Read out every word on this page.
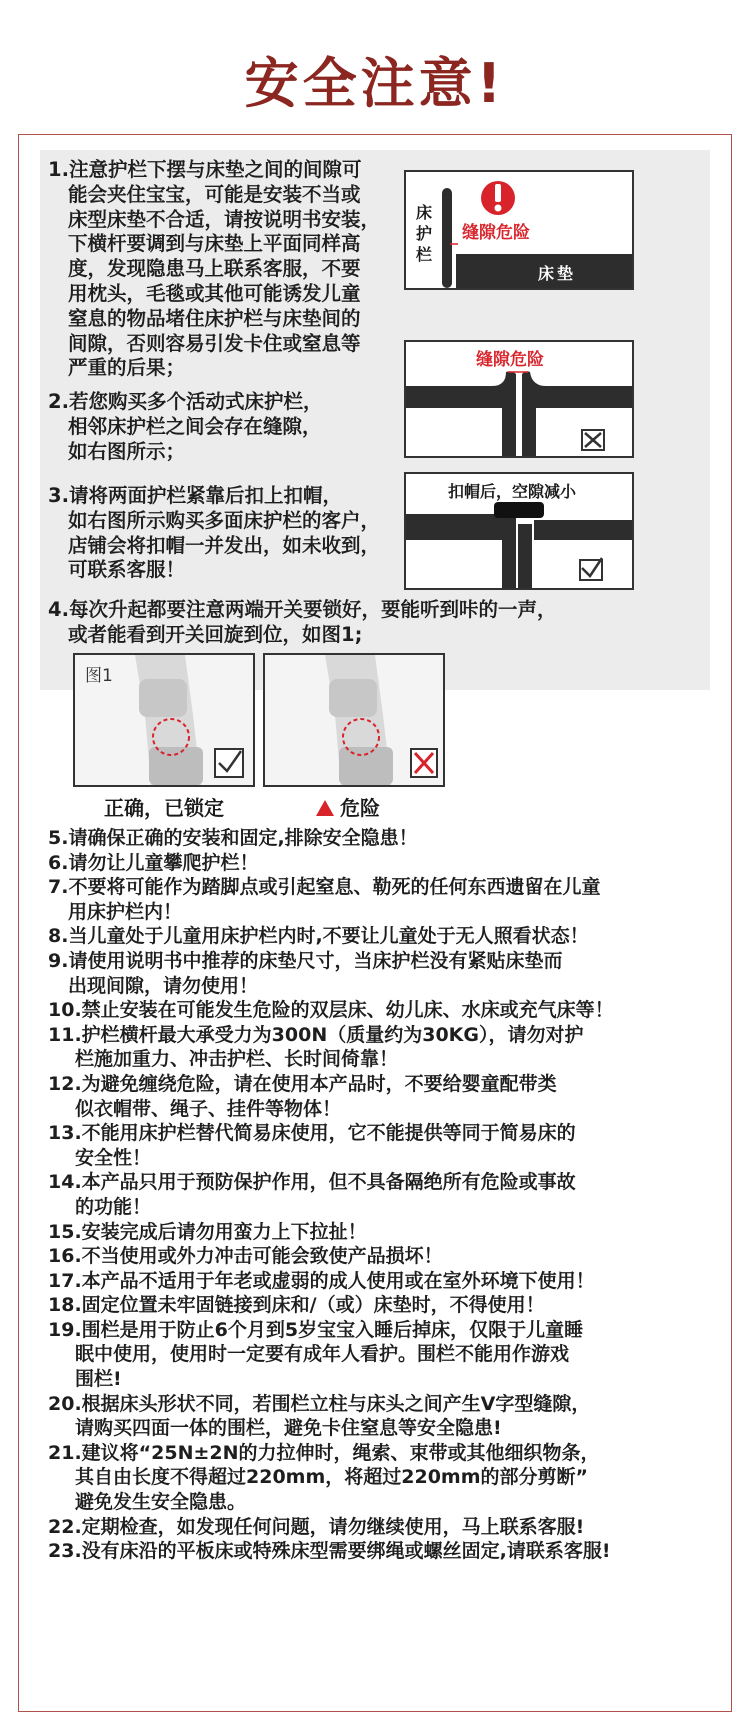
安全注意!
1.注意护栏下摆与床垫之间的间隙可
能会夹住宝宝，可能是安装不当或
床型床垫不合适，请按说明书安装，
下横杆要调到与床垫上平面同样高
度，发现隐患马上联系客服，不要
用枕头，毛毯或其他可能诱发儿童
窒息的物品堵住床护栏与床垫间的
间隙，否则容易引发卡住或窒息等
严重的后果；
2.若您购买多个活动式床护栏，
相邻床护栏之间会存在缝隙，
如右图所示；
3.请将两面护栏紧靠后扣上扣帽，
如右图所示购买多面床护栏的客户，
店铺会将扣帽一并发出，如未收到，
可联系客服！
4.每次升起都要注意两端开关要锁好，要能听到咔的一声，
或者能看到开关回旋到位，如图1;
床护栏
缝隙危险
床垫
缝隙危险
扣帽后，空隙减小
图1
正确，已锁定	危险
5.请确保正确的安装和固定,排除安全隐患！
6.请勿让儿童攀爬护栏！
7.不要将可能作为踏脚点或引起窒息、勒死的任何东西遗留在儿童
用床护栏内！
8.当儿童处于儿童用床护栏内时,不要让儿童处于无人照看状态！
9.请使用说明书中推荐的床垫尺寸，当床护栏没有紧贴床垫而
出现间隙，请勿使用！
10.禁止安装在可能发生危险的双层床、幼儿床、水床或充气床等！
11.护栏横杆最大承受力为300N（质量约为30KG），请勿对护
栏施加重力、冲击护栏、长时间倚靠！
12.为避免缠绕危险，请在使用本产品时，不要给婴童配带类
似衣帽带、绳子、挂件等物体！
13.不能用床护栏替代简易床使用，它不能提供等同于简易床的
安全性！
14.本产品只用于预防保护作用，但不具备隔绝所有危险或事故
的功能！
15.安装完成后请勿用蛮力上下拉扯！
16.不当使用或外力冲击可能会致使产品损坏！
17.本产品不适用于年老或虚弱的成人使用或在室外环境下使用！
18.固定位置未牢固链接到床和/（或）床垫时，不得使用！
19.围栏是用于防止6个月到5岁宝宝入睡后掉床，仅限于儿童睡
眠中使用，使用时一定要有成年人看护。围栏不能用作游戏
围栏!
20.根据床头形状不同，若围栏立柱与床头之间产生V字型缝隙，
请购买四面一体的围栏，避免卡住窒息等安全隐患!
21.建议将“25N±2N的力拉伸时，绳索、束带或其他细织物条，
其自由长度不得超过220mm，将超过220mm的部分剪断”
避免发生安全隐患。
22.定期检查，如发现任何问题，请勿继续使用，马上联系客服!
23.没有床沿的平板床或特殊床型需要绑绳或螺丝固定,请联系客服!
